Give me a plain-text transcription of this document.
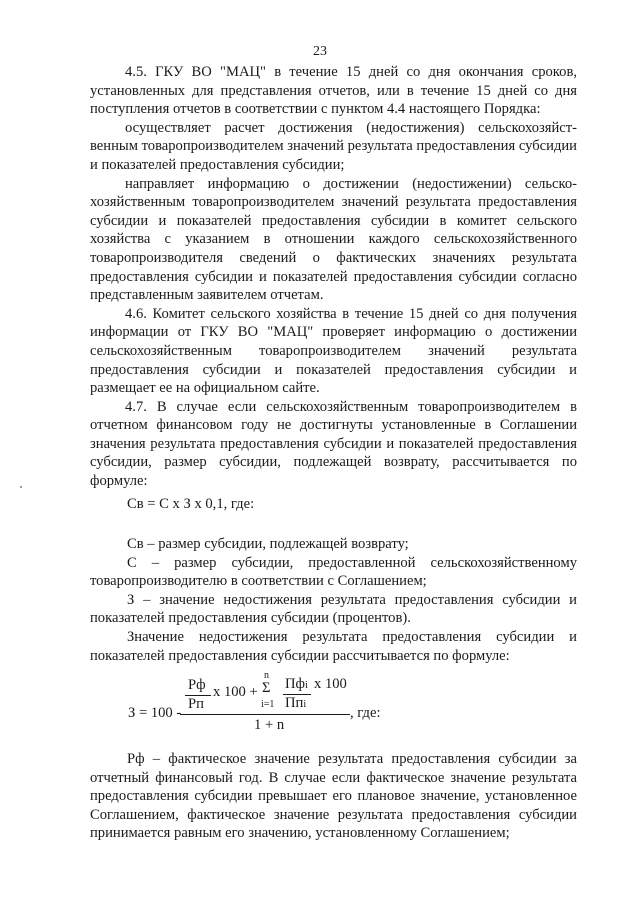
23

4.5. ГКУ ВО "МАЦ" в течение 15 дней со дня окончания сроков, установленных для представления отчетов, или в течение 15 дней со дня поступления отчетов в соответствии с пунктом 4.4 настоящего Порядка:

осуществляет расчет достижения (недостижения) сельскохозяйст-венным товаропроизводителем значений результата предоставления субсидии и показателей предоставления субсидии;

направляет информацию о достижении (недостижении) сельско-хозяйственным товаропроизводителем значений результата предоставления субсидии и показателей предоставления субсидии в комитет сельского хозяйства с указанием в отношении каждого сельскохозяйственного товаропроизводителя сведений о фактических значениях результата предоставления субсидии и показателей предоставления субсидии согласно представленным заявителем отчетам.

4.6. Комитет сельского хозяйства в течение 15 дней со дня получения информации от ГКУ ВО "МАЦ" проверяет информацию о достижении сельскохозяйственным товаропроизводителем значений результата предоставления субсидии и показателей предоставления субсидии и размещает ее на официальном сайте.

4.7. В случае если сельскохозяйственным товаропроизводителем в отчетном финансовом году не достигнуты установленные в Соглашении значения результата предоставления субсидии и показателей предоставления субсидии, размер субсидии, подлежащей возврату, рассчитывается по формуле:

Св = С х З х 0,1, где:

Св – размер субсидии, подлежащей возврату;

С – размер субсидии, предоставленной сельскохозяйственному товаропроизводителю в соответствии с Соглашением;

З – значение недостижения результата предоставления субсидии и показателей предоставления субсидии (процентов).

Значение недостижения результата предоставления субсидии и показателей предоставления субсидии рассчитывается по формуле:

З = 100 -
Рф
Рп
х 100 +
n
Σ
i=1
Пфi
Ппi
х 100
1 + n
, где:

Рф – фактическое значение результата предоставления субсидии за отчетный финансовый год. В случае если фактическое значение результата предоставления субсидии превышает его плановое значение, установленное Соглашением, фактическое значение результата предоставления субсидии принимается равным его значению, установленному Соглашением;
